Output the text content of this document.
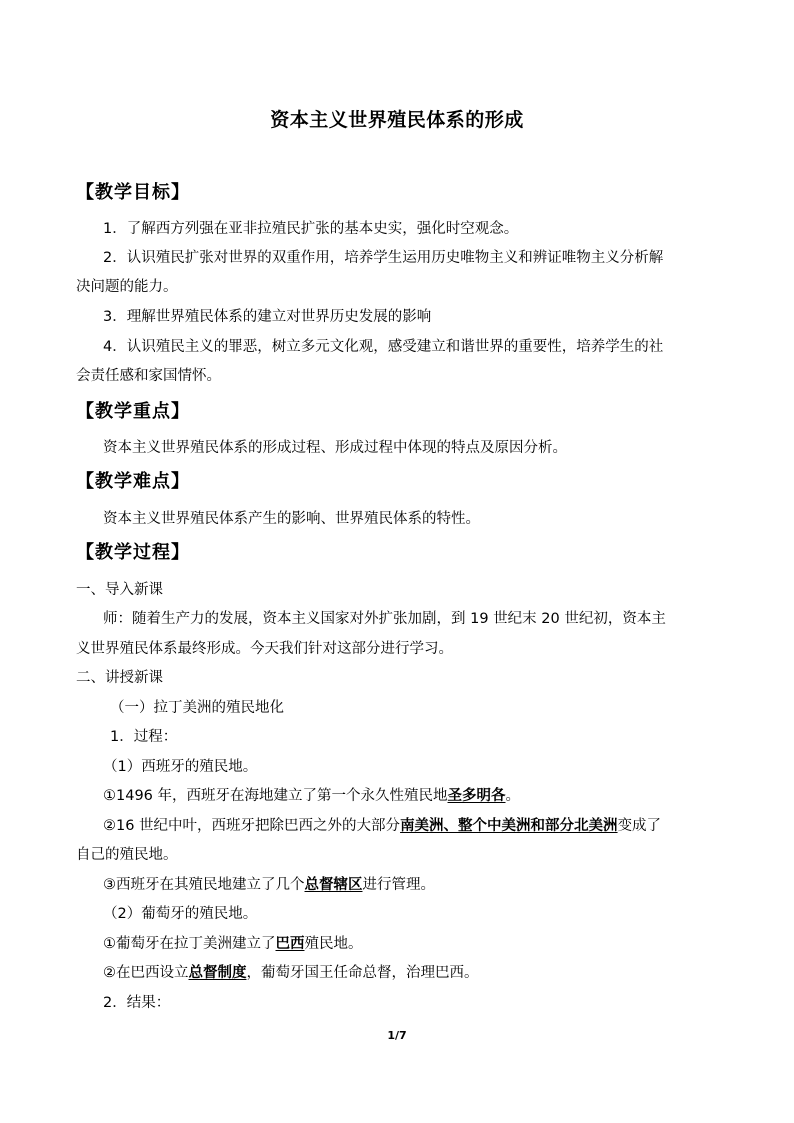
资本主义世界殖民体系的形成
【教学目标】
1．了解西方列强在亚非拉殖民扩张的基本史实，强化时空观念。
2．认识殖民扩张对世界的双重作用，培养学生运用历史唯物主义和辨证唯物主义分析解
决问题的能力。
3．理解世界殖民体系的建立对世界历史发展的影响
4．认识殖民主义的罪恶，树立多元文化观，感受建立和谐世界的重要性，培养学生的社
会责任感和家国情怀。
【教学重点】
资本主义世界殖民体系的形成过程、形成过程中体现的特点及原因分析。
【教学难点】
资本主义世界殖民体系产生的影响、世界殖民体系的特性。
【教学过程】
一、导入新课
师：随着生产力的发展，资本主义国家对外扩张加剧，到 19 世纪末 20 世纪初，资本主
义世界殖民体系最终形成。今天我们针对这部分进行学习。
二、讲授新课
（一）拉丁美洲的殖民地化
1．过程：
（1）西班牙的殖民地。
①1496 年，西班牙在海地建立了第一个永久性殖民地圣多明各。
②16 世纪中叶，西班牙把除巴西之外的大部分南美洲、整个中美洲和部分北美洲变成了
自己的殖民地。
③西班牙在其殖民地建立了几个总督辖区进行管理。
（2）葡萄牙的殖民地。
①葡萄牙在拉丁美洲建立了巴西殖民地。
②在巴西设立总督制度，葡萄牙国王任命总督，治理巴西。
2．结果：
1/7
